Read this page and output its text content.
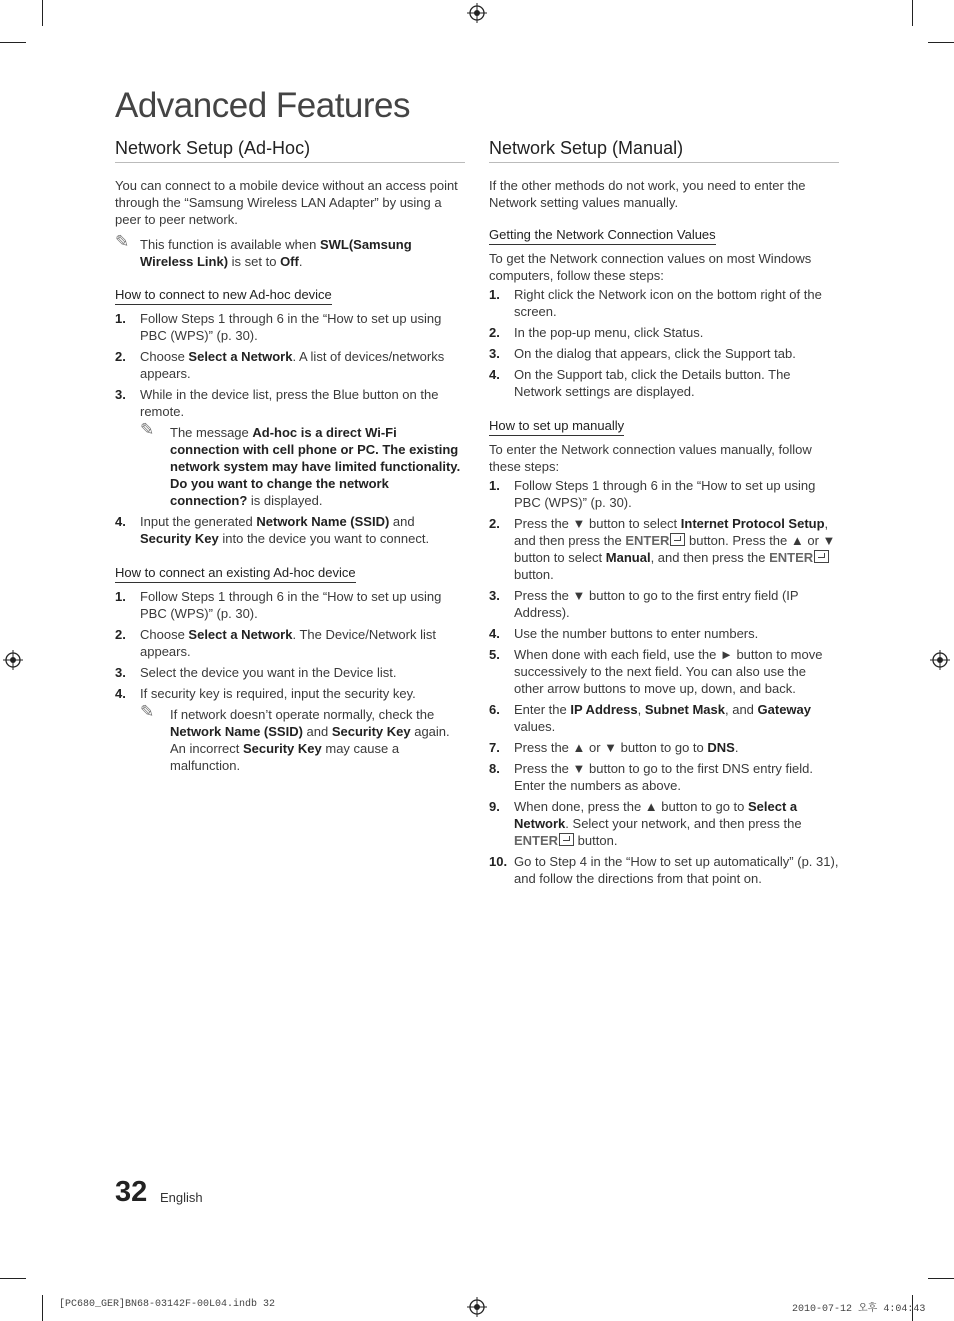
Advanced Features
Network Setup (Ad-Hoc)

You can connect to a mobile device without an access point through the “Samsung Wireless LAN Adapter” by using a peer to peer network.

✎ This function is available when SWL(Samsung Wireless Link) is set to Off.
How to connect to new Ad-hoc device
1. Follow Steps 1 through 6 in the “How to set up using PBC (WPS)” (p. 30).
2. Choose Select a Network. A list of devices/networks appears.
3. While in the device list, press the Blue button on the remote.
✎ The message Ad-hoc is a direct Wi-Fi connection with cell phone or PC. The existing network system may have limited functionality. Do you want to change the network connection? is displayed.
4. Input the generated Network Name (SSID) and Security Key into the device you want to connect.
How to connect an existing Ad-hoc device
1. Follow Steps 1 through 6 in the “How to set up using PBC (WPS)” (p. 30).
2. Choose Select a Network. The Device/Network list appears.
3. Select the device you want in the Device list.
4. If security key is required, input the security key.
✎ If network doesn’t operate normally, check the Network Name (SSID) and Security Key again. An incorrect Security Key may cause a malfunction.
Network Setup (Manual)

If the other methods do not work, you need to enter the Network setting values manually.

Getting the Network Connection Values

To get the Network connection values on most Windows computers, follow these steps:

1. Right click the Network icon on the bottom right of the screen.
2. In the pop-up menu, click Status.
3. On the dialog that appears, click the Support tab.
4. On the Support tab, click the Details button. The Network settings are displayed.
How to set up manually

To enter the Network connection values manually, follow these steps:

1. Follow Steps 1 through 6 in the “How to set up using PBC (WPS)” (p. 30).
2. Press the ▼ button to select Internet Protocol Setup, and then press the ENTER button. Press the ▲ or ▼ button to select Manual, and then press the ENTER button.
3. Press the ▼ button to go to the first entry field (IP Address).
4. Use the number buttons to enter numbers.
5. When done with each field, use the ► button to move successively to the next field. You can also use the other arrow buttons to move up, down, and back.
6. Enter the IP Address, Subnet Mask, and Gateway values.
7. Press the ▲ or ▼ button to go to DNS.
8. Press the ▼ button to go to the first DNS entry field. Enter the numbers as above.
9. When done, press the ▲ button to go to Select a Network. Select your network, and then press the ENTER button.
10. Go to Step 4 in the “How to set up automatically” (p. 31), and follow the directions from that point on.
32 English
[PC680_GER]BN68-03142F-00L04.indb 32	2010-07-12 오후 4:04:43
